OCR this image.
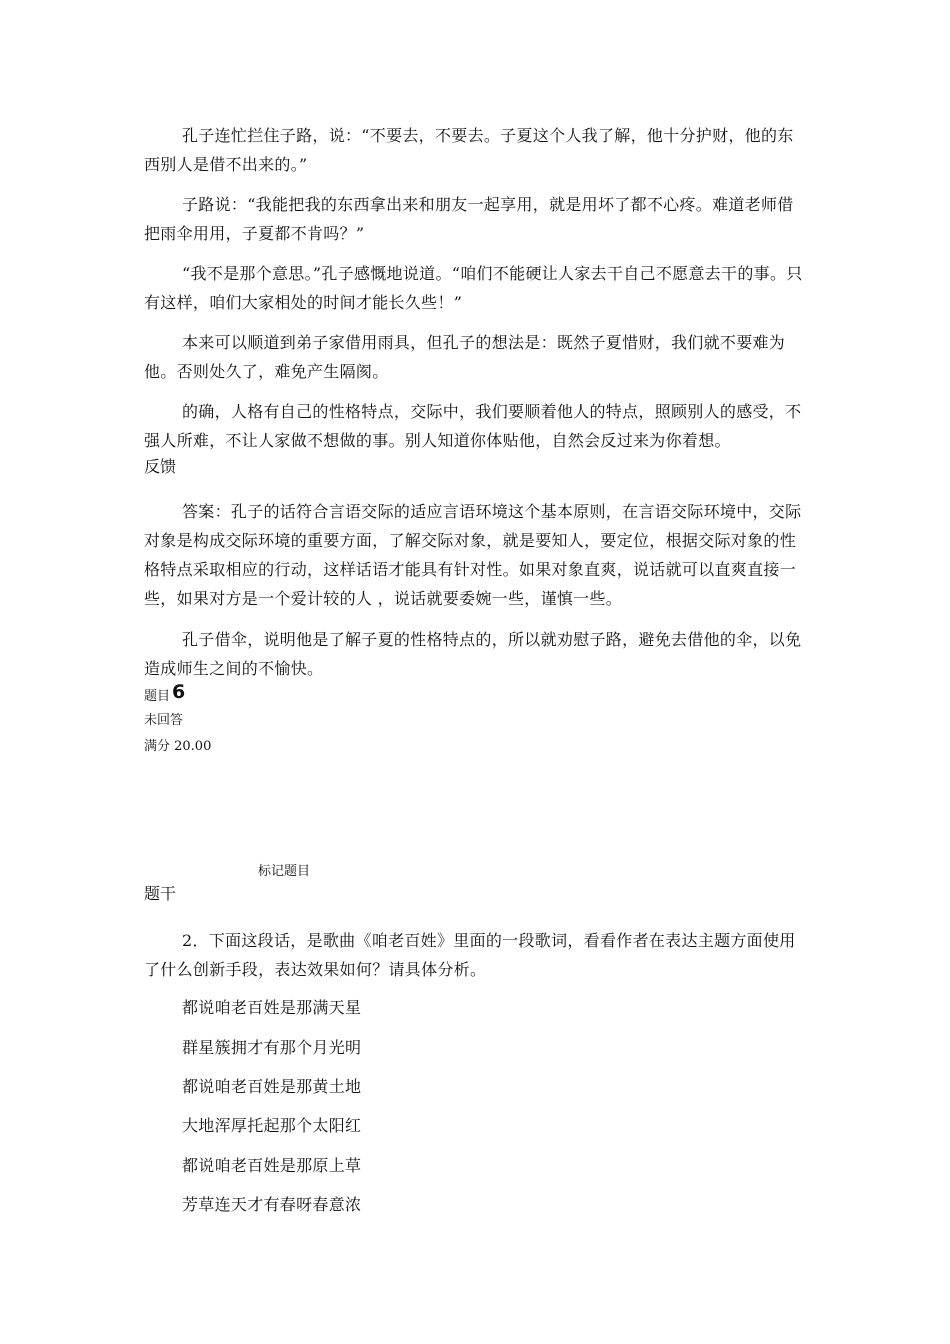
孔子连忙拦住子路，说：“不要去，不要去。子夏这个人我了解，他十分护财，他的东西别人是借不出来的。”

子路说：“我能把我的东西拿出来和朋友一起享用，就是用坏了都不心疼。难道老师借把雨伞用用，子夏都不肯吗？”

“我不是那个意思。”孔子感慨地说道。“咱们不能硬让人家去干自己不愿意去干的事。只有这样，咱们大家相处的时间才能长久些！”

本来可以顺道到弟子家借用雨具，但孔子的想法是：既然子夏惜财，我们就不要难为他。否则处久了，难免产生隔阂。

的确，人格有自己的性格特点，交际中，我们要顺着他人的特点，照顾别人的感受，不强人所难，不让人家做不想做的事。别人知道你体贴他，自然会反过来为你着想。

反馈

答案：孔子的话符合言语交际的适应言语环境这个基本原则，在言语交际环境中，交际对象是构成交际环境的重要方面，了解交际对象，就是要知人，要定位，根据交际对象的性格特点采取相应的行动，这样话语才能具有针对性。如果对象直爽，说话就可以直爽直接一些，如果对方是一个爱计较的人 ，说话就要委婉一些，谨慎一些。

孔子借伞，说明他是了解子夏的性格特点的，所以就劝慰子路，避免去借他的伞，以免造成师生之间的不愉快。

题目 6

未回答

满分 20.00

标记题目

题干

2．下面这段话，是歌曲《咱老百姓》里面的一段歌词，看看作者在表达主题方面使用了什么创新手段，表达效果如何？请具体分析。

都说咱老百姓是那满天星

群星簇拥才有那个月光明

都说咱老百姓是那黄土地

大地浑厚托起那个太阳红

都说咱老百姓是那原上草

芳草连天才有春呀春意浓
